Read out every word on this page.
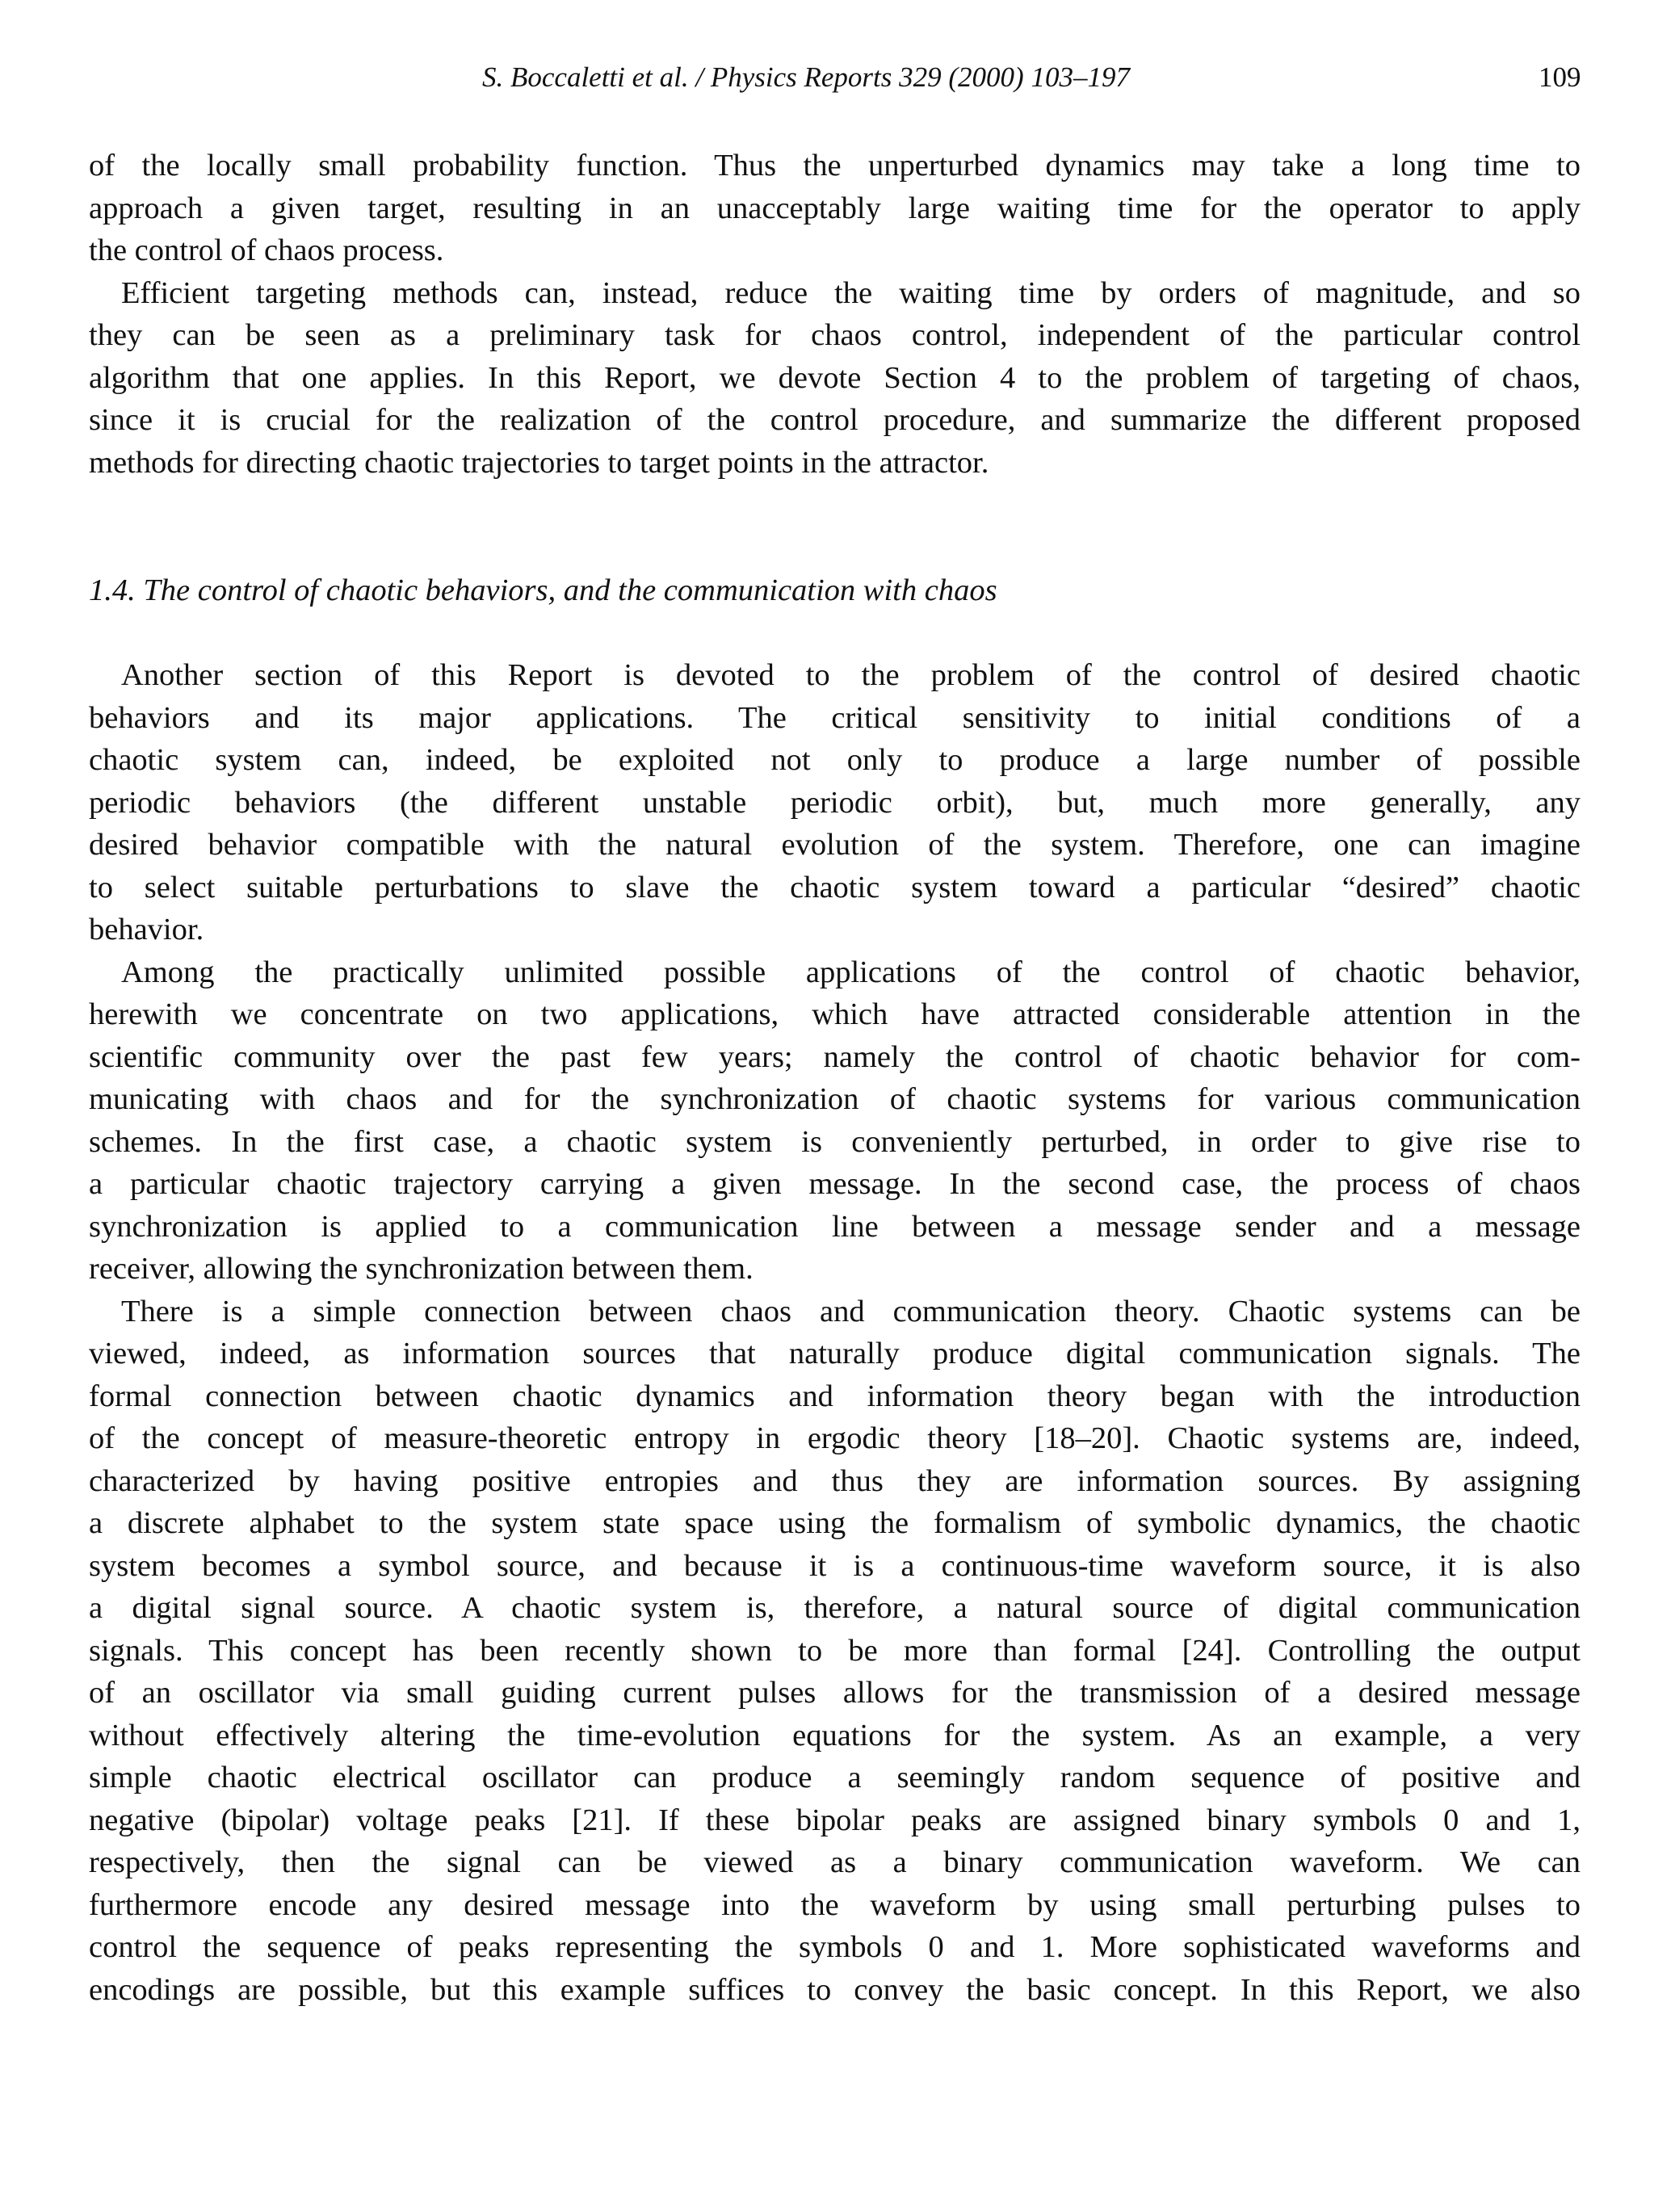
S. Boccaletti et al. / Physics Reports 329 (2000) 103–197	109
of the locally small probability function. Thus the unperturbed dynamics may take a long time to
approach a given target, resulting in an unacceptably large waiting time for the operator to apply
the control of chaos process.
Efficient targeting methods can, instead, reduce the waiting time by orders of magnitude, and so
they can be seen as a preliminary task for chaos control, independent of the particular control
algorithm that one applies. In this Report, we devote Section 4 to the problem of targeting of chaos,
since it is crucial for the realization of the control procedure, and summarize the different proposed
methods for directing chaotic trajectories to target points in the attractor.
1.4. The control of chaotic behaviors, and the communication with chaos
Another section of this Report is devoted to the problem of the control of desired chaotic
behaviors and its major applications. The critical sensitivity to initial conditions of a
chaotic system can, indeed, be exploited not only to produce a large number of possible
periodic behaviors (the different unstable periodic orbit), but, much more generally, any
desired behavior compatible with the natural evolution of the system. Therefore, one can imagine
to select suitable perturbations to slave the chaotic system toward a particular “desired” chaotic
behavior.
Among the practically unlimited possible applications of the control of chaotic behavior,
herewith we concentrate on two applications, which have attracted considerable attention in the
scientific community over the past few years; namely the control of chaotic behavior for com-
municating with chaos and for the synchronization of chaotic systems for various communication
schemes. In the first case, a chaotic system is conveniently perturbed, in order to give rise to
a particular chaotic trajectory carrying a given message. In the second case, the process of chaos
synchronization is applied to a communication line between a message sender and a message
receiver, allowing the synchronization between them.
There is a simple connection between chaos and communication theory. Chaotic systems can be
viewed, indeed, as information sources that naturally produce digital communication signals. The
formal connection between chaotic dynamics and information theory began with the introduction
of the concept of measure-theoretic entropy in ergodic theory [18–20]. Chaotic systems are, indeed,
characterized by having positive entropies and thus they are information sources. By assigning
a discrete alphabet to the system state space using the formalism of symbolic dynamics, the chaotic
system becomes a symbol source, and because it is a continuous-time waveform source, it is also
a digital signal source. A chaotic system is, therefore, a natural source of digital communication
signals. This concept has been recently shown to be more than formal [24]. Controlling the output
of an oscillator via small guiding current pulses allows for the transmission of a desired message
without effectively altering the time-evolution equations for the system. As an example, a very
simple chaotic electrical oscillator can produce a seemingly random sequence of positive and
negative (bipolar) voltage peaks [21]. If these bipolar peaks are assigned binary symbols 0 and 1,
respectively, then the signal can be viewed as a binary communication waveform. We can
furthermore encode any desired message into the waveform by using small perturbing pulses to
control the sequence of peaks representing the symbols 0 and 1. More sophisticated waveforms and
encodings are possible, but this example suffices to convey the basic concept. In this Report, we also
